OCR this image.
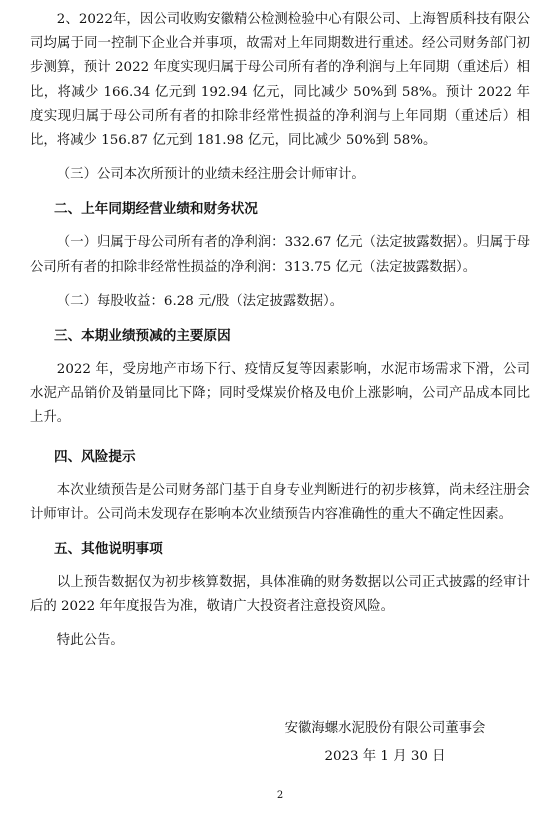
2、2022年，因公司收购安徽精公检测检验中心有限公司、上海智质科技有限公司均属于同一控制下企业合并事项，故需对上年同期数进行重述。经公司财务部门初步测算，预计 2022 年度实现归属于母公司所有者的净利润与上年同期（重述后）相比，将减少 166.34 亿元到 192.94 亿元，同比减少 50%到 58%。预计 2022 年度实现归属于母公司所有者的扣除非经常性损益的净利润与上年同期（重述后）相比，将减少 156.87 亿元到 181.98 亿元，同比减少 50%到 58%。

（三）公司本次所预计的业绩未经注册会计师审计。

二、上年同期经营业绩和财务状况

（一）归属于母公司所有者的净利润：332.67 亿元（法定披露数据）。归属于母公司所有者的扣除非经常性损益的净利润：313.75 亿元（法定披露数据）。

（二）每股收益：6.28 元/股（法定披露数据）。

三、本期业绩预减的主要原因

2022 年，受房地产市场下行、疫情反复等因素影响，水泥市场需求下滑，公司水泥产品销价及销量同比下降；同时受煤炭价格及电价上涨影响，公司产品成本同比上升。

四、风险提示

本次业绩预告是公司财务部门基于自身专业判断进行的初步核算，尚未经注册会计师审计。公司尚未发现存在影响本次业绩预告内容准确性的重大不确定性因素。

五、其他说明事项

以上预告数据仅为初步核算数据，具体准确的财务数据以公司正式披露的经审计后的 2022 年年度报告为准，敬请广大投资者注意投资风险。

特此公告。

安徽海螺水泥股份有限公司董事会
2023 年 1 月 30 日
2
